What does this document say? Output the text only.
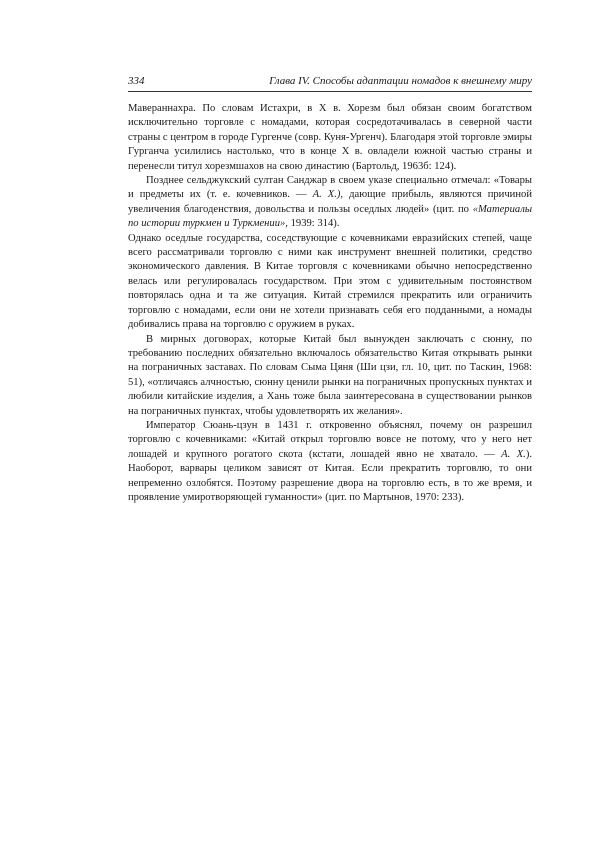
334	Глава IV. Способы адаптации номадов к внешнему миру

Мавераннахра. По словам Истахри, в X в. Хорезм был обязан своим богатством исключительно торговле с номадами, которая сосредотачивалась в северной части страны с центром в городе Гургенче (совр. Куня-Ургенч). Благодаря этой торговле эмиры Гурганча усилились настолько, что в конце X в. овладели южной частью страны и перенесли титул хорезмшахов на свою династию (Бартольд, 1963б: 124).

Позднее сельджукский султан Санджар в своем указе специально отмечал: «Товары и предметы их (т. е. кочевников. — А. Х.), дающие прибыль, являются причиной увеличения благоденствия, довольства и пользы оседлых людей» (цит. по «Материалы по истории туркмен и Туркмении», 1939: 314).

Однако оседлые государства, соседствующие с кочевниками евразийских степей, чаще всего рассматривали торговлю с ними как инструмент внешней политики, средство экономического давления. В Китае торговля с кочевниками обычно непосредственно велась или регулировалась государством. При этом с удивительным постоянством повторялась одна и та же ситуация. Китай стремился прекратить или ограничить торговлю с номадами, если они не хотели признавать себя его подданными, а номады добивались права на торговлю с оружием в руках.

В мирных договорах, которые Китай был вынужден заключать с сюнну, по требованию последних обязательно включалось обязательство Китая открывать рынки на пограничных заставах. По словам Сыма Цяня (Ши цзи, гл. 10, цит. по Таскин, 1968: 51), «отличаясь алчностью, сюнну ценили рынки на пограничных пропускных пунктах и любили китайские изделия, а Хань тоже была заинтересована в существовании рынков на пограничных пунктах, чтобы удовлетворять их желания».

Император Сюань-цзун в 1431 г. откровенно объяснял, почему он разрешил торговлю с кочевниками: «Китай открыл торговлю вовсе не потому, что у него нет лошадей и крупного рогатого скота (кстати, лошадей явно не хватало. — А. Х.). Наоборот, варвары целиком зависят от Китая. Если прекратить торговлю, то они непременно озлобятся. Поэтому разрешение двора на торговлю есть, в то же время, и проявление умиротворяющей гуманности» (цит. по Мартынов, 1970: 233).
